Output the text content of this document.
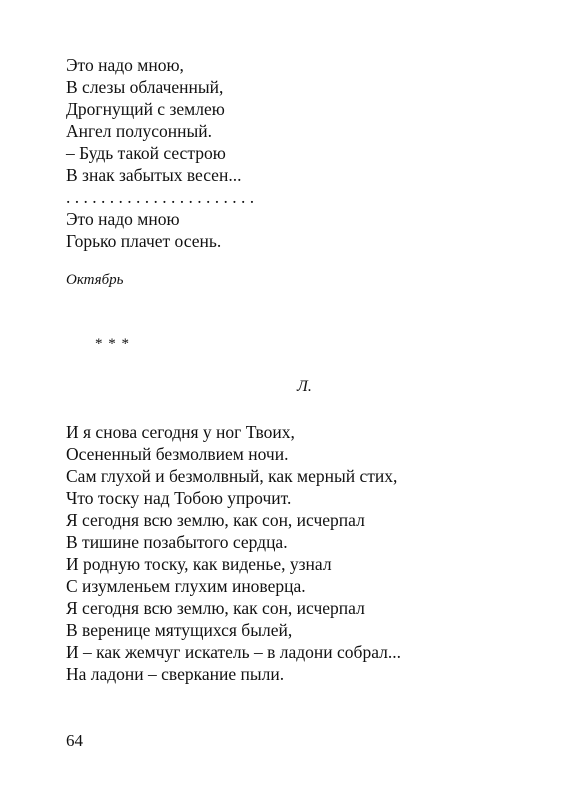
Это надо мною,
В слезы облаченный,
Дрогнущий с землею
Ангел полусонный.
– Будь такой сестрою
В знак забытых весен...
. . . . . . . . . . . . . . . . . . . . . .
Это надо мною
Горько плачет осень.
Октябрь
* * *
Л.
И я снова сегодня у ног Твоих,
Осененный безмолвием ночи.
Сам глухой и безмолвный, как мерный стих,
Что тоску над Тобою упрочит.
Я сегодня всю землю, как сон, исчерпал
В тишине позабытого сердца.
И родную тоску, как виденье, узнал
С изумленьем глухим иноверца.
Я сегодня всю землю, как сон, исчерпал
В веренице мятущихся былей,
И – как жемчуг искатель – в ладони собрал...
На ладони – сверкание пыли.
64
